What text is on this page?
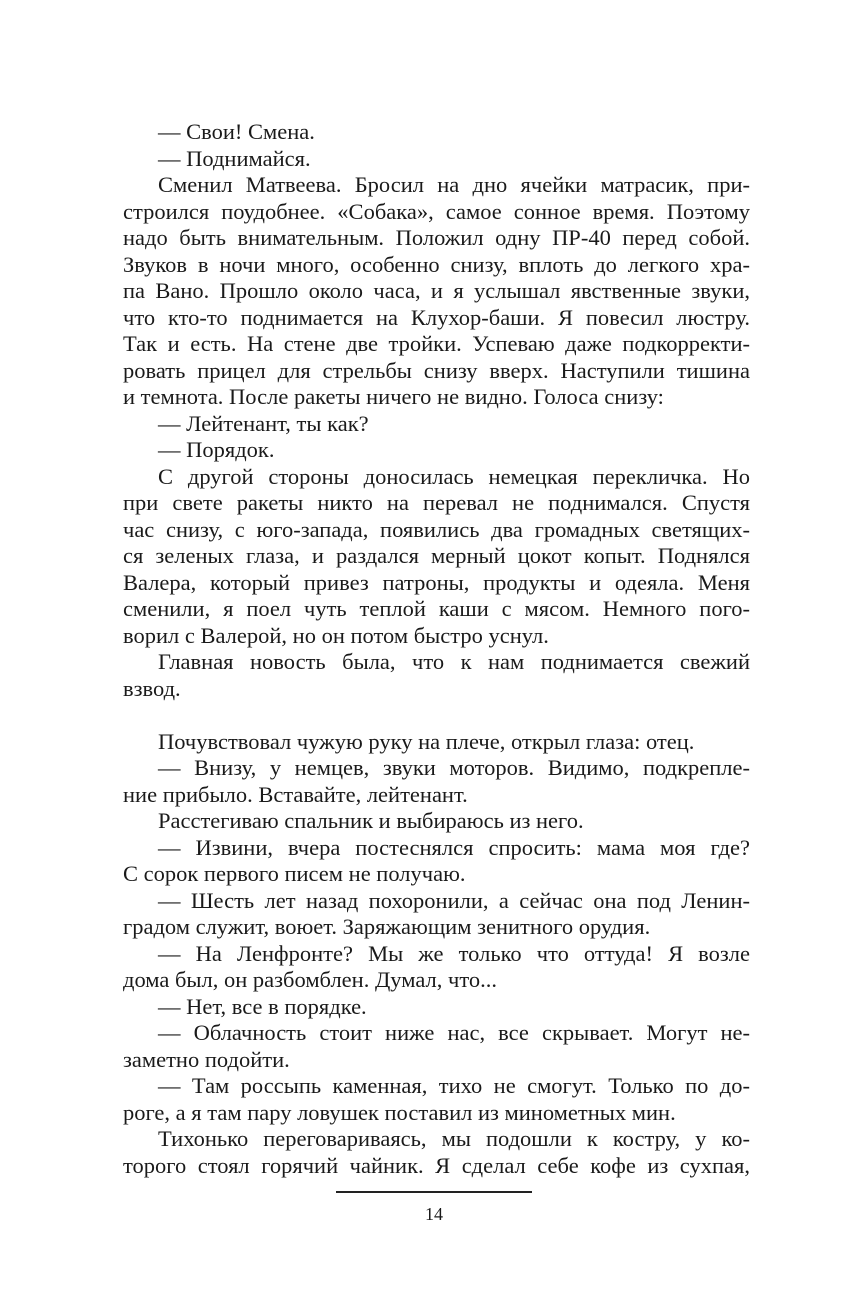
— Свои! Смена.
— Поднимайся.
Сменил Матвеева. Бросил на дно ячейки матрасик, при-
строился поудобнее. «Собака», самое сонное время. Поэтому
надо быть внимательным. Положил одну ПР-40 перед собой.
Звуков в ночи много, особенно снизу, вплоть до легкого хра-
па Вано. Прошло около часа, и я услышал явственные звуки,
что кто-то поднимается на Клухор-баши. Я повесил люстру.
Так и есть. На стене две тройки. Успеваю даже подкорректи-
ровать прицел для стрельбы снизу вверх. Наступили тишина
и темнота. После ракеты ничего не видно. Голоса снизу:
— Лейтенант, ты как?
— Порядок.
С другой стороны доносилась немецкая перекличка. Но
при свете ракеты никто на перевал не поднимался. Спустя
час снизу, с юго-запада, появились два громадных светящих-
ся зеленых глаза, и раздался мерный цокот копыт. Поднялся
Валера, который привез патроны, продукты и одеяла. Меня
сменили, я поел чуть теплой каши с мясом. Немного пого-
ворил с Валерой, но он потом быстро уснул.
Главная новость была, что к нам поднимается свежий
взвод.
Почувствовал чужую руку на плече, открыл глаза: отец.
— Внизу, у немцев, звуки моторов. Видимо, подкрепле-
ние прибыло. Вставайте, лейтенант.
Расстегиваю спальник и выбираюсь из него.
— Извини, вчера постеснялся спросить: мама моя где?
С сорок первого писем не получаю.
— Шесть лет назад похоронили, а сейчас она под Ленин-
градом служит, воюет. Заряжающим зенитного орудия.
— На Ленфронте? Мы же только что оттуда! Я возле
дома был, он разбомблен. Думал, что...
— Нет, все в порядке.
— Облачность стоит ниже нас, все скрывает. Могут не-
заметно подойти.
— Там россыпь каменная, тихо не смогут. Только по до-
роге, а я там пару ловушек поставил из минометных мин.
Тихонько переговариваясь, мы подошли к костру, у ко-
торого стоял горячий чайник. Я сделал себе кофе из сухпая,
14
